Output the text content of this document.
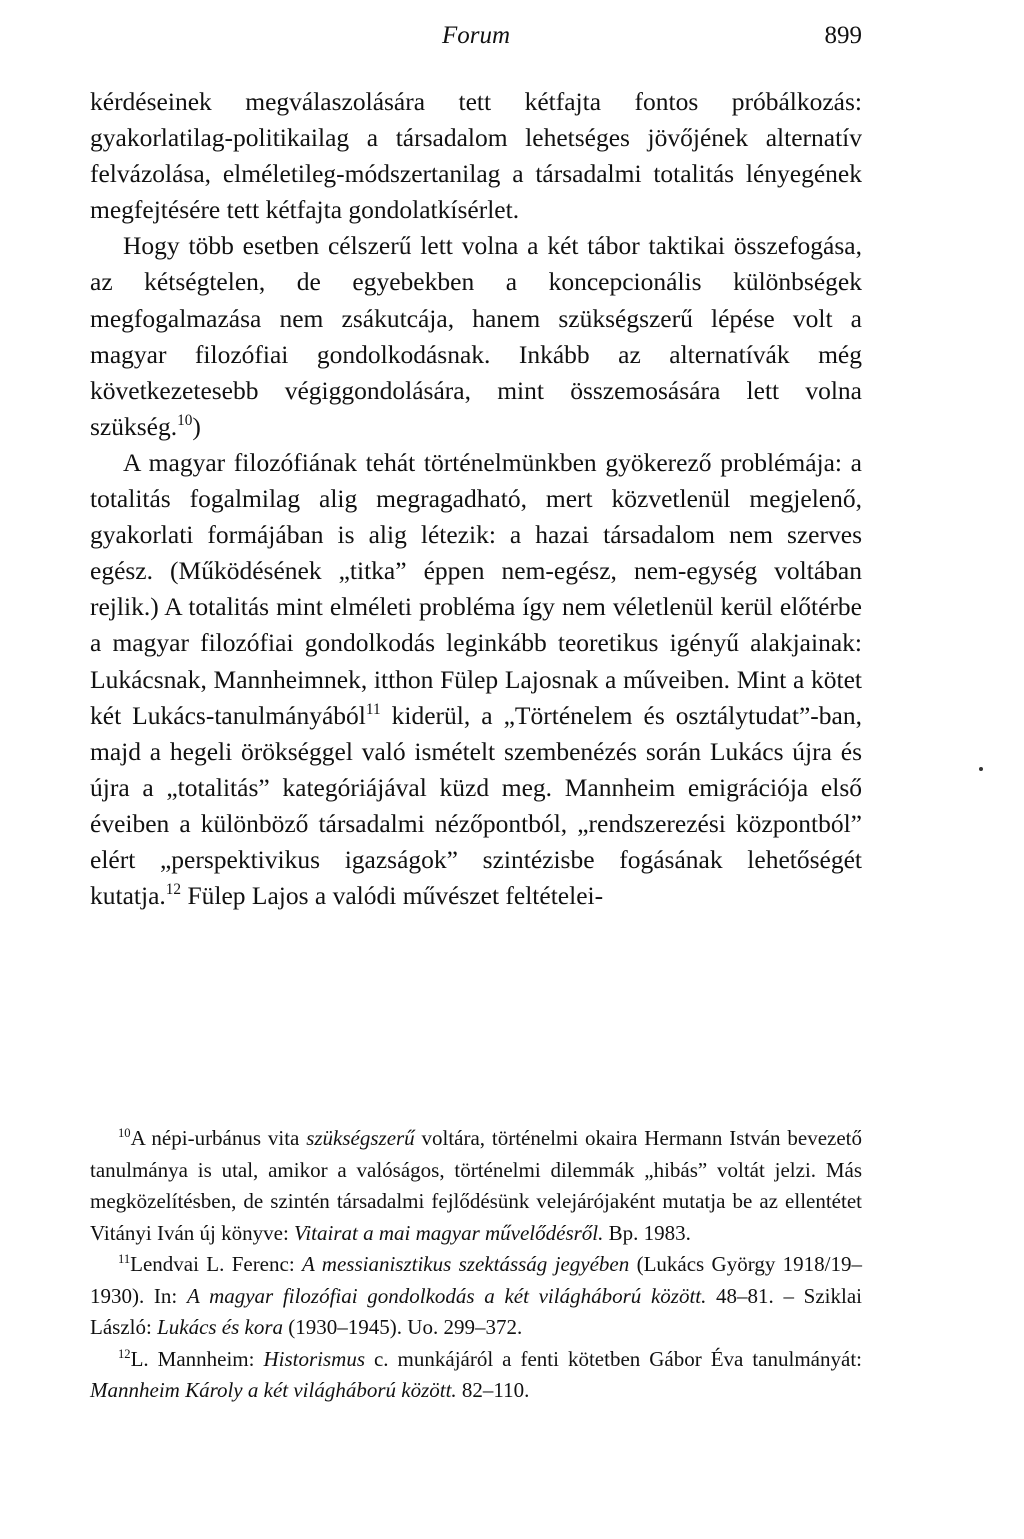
Forum	899

kérdéseinek megválaszolására tett kétfajta fontos próbálkozás: gyakorlatilag-politikailag a társadalom lehetséges jövőjének alternatív felvázolása, elméletileg-módszertanilag a társadalmi totalitás lényegének megfejtésére tett kétfajta gondolatkísérlet.

Hogy több esetben célszerű lett volna a két tábor taktikai összefogása, az kétségtelen, de egyebekben a koncepcionális különbségek megfogalmazása nem zsákutcája, hanem szükségszerű lépése volt a magyar filozófiai gondolkodásnak. Inkább az alternatívák még következetesebb végiggondolására, mint összemosására lett volna szükség.$^{10}$)

A magyar filozófiának tehát történelmünkben gyökerező problémája: a totalitás fogalmilag alig megragadható, mert közvetlenül megjelenő, gyakorlati formájában is alig létezik: a hazai társadalom nem szerves egész. (Működésének „titka” éppen nem-egész, nem-egység voltában rejlik.) A totalitás mint elméleti probléma így nem véletlenül kerül előtérbe a magyar filozófiai gondolkodás leginkább teoretikus igényű alakjainak: Lukácsnak, Mannheimnek, itthon Fülep Lajosnak a műveiben. Mint a kötet két Lukács-tanulmányából$^{11}$ kiderül, a „Történelem és osztálytudat”-ban, majd a hegeli örökséggel való ismételt szembenézés során Lukács újra és újra a „totalitás” kategóriájával küzd meg. Mannheim emigrációja első éveiben a különböző társadalmi nézőpontból, „rendszerezési központból” elért „perspektivikus igazságok” szintézisbe fogásának lehetőségét kutatja.$^{12}$ Fülep Lajos a valódi művészet feltételei-

$^{10}$A népi-urbánus vita szükségszerű voltára, történelmi okaira Hermann István bevezető tanulmánya is utal, amikor a valóságos, történelmi dilemmák „hibás” voltát jelzi. Más megközelítésben, de szintén társadalmi fejlődésünk velejárójaként mutatja be az ellentétet Vitányi Iván új könyve: Vitairat a mai magyar művelődésről. Bp. 1983.

$^{11}$Lendvai L. Ferenc: A messianisztikus szektásság jegyében (Lukács György 1918/19–1930). In: A magyar filozófiai gondolkodás a két világháború között. 48–81. – Sziklai László: Lukács és kora (1930–1945). Uo. 299–372.

$^{12}$L. Mannheim: Historismus c. munkájáról a fenti kötetben Gábor Éva tanulmányát: Mannheim Károly a két világháború között. 82–110.
